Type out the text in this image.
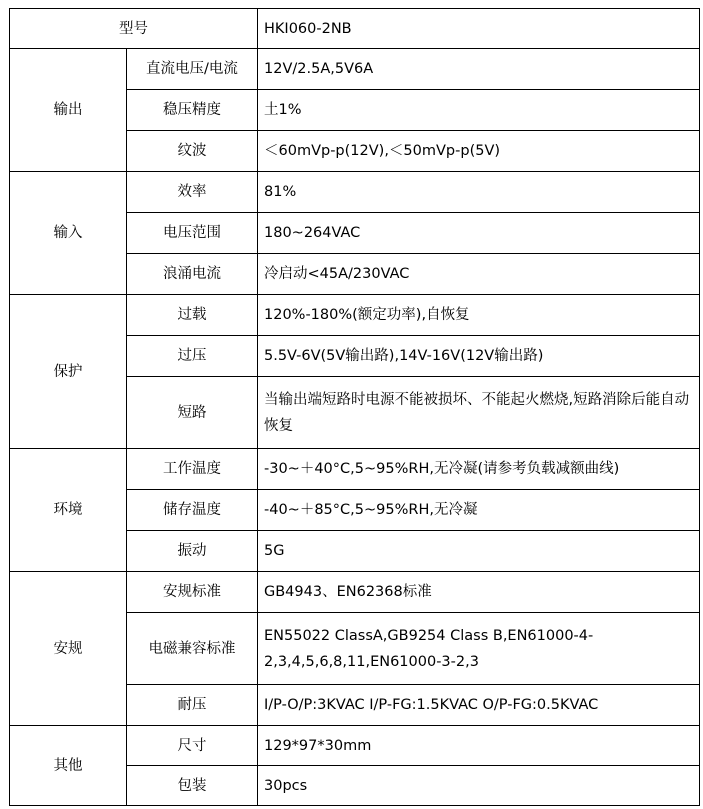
型号		HKI060-2NB
输出	直流电压/电流	12V/2.5A,5V6A
	稳压精度	土1%
	纹波	＜60mVp-p(12V),＜50mVp-p(5V)
输入	效率	81%
	电压范围	180~264VAC
	浪涌电流	冷启动<45A/230VAC
保护	过载	120%-180%(额定功率),自恢复
	过压	5.5V-6V(5V输出路),14V-16V(12V输出路)
	短路	当输出端短路时电源不能被损坏、不能起火燃烧,短路消除后能自动恢复
环境	工作温度	-30~＋40°C,5~95%RH,无冷凝(请参考负载减额曲线)
	储存温度	-40~＋85°C,5~95%RH,无冷凝
	振动	5G
安规	安规标准	GB4943、EN62368标准
	电磁兼容标准	EN55022 ClassA,GB9254 Class B,EN61000-4-2,3,4,5,6,8,11,EN61000-3-2,3
	耐压	I/P-O/P:3KVAC I/P-FG:1.5KVAC O/P-FG:0.5KVAC
其他	尺寸	129*97*30mm
	包装	30pcs
